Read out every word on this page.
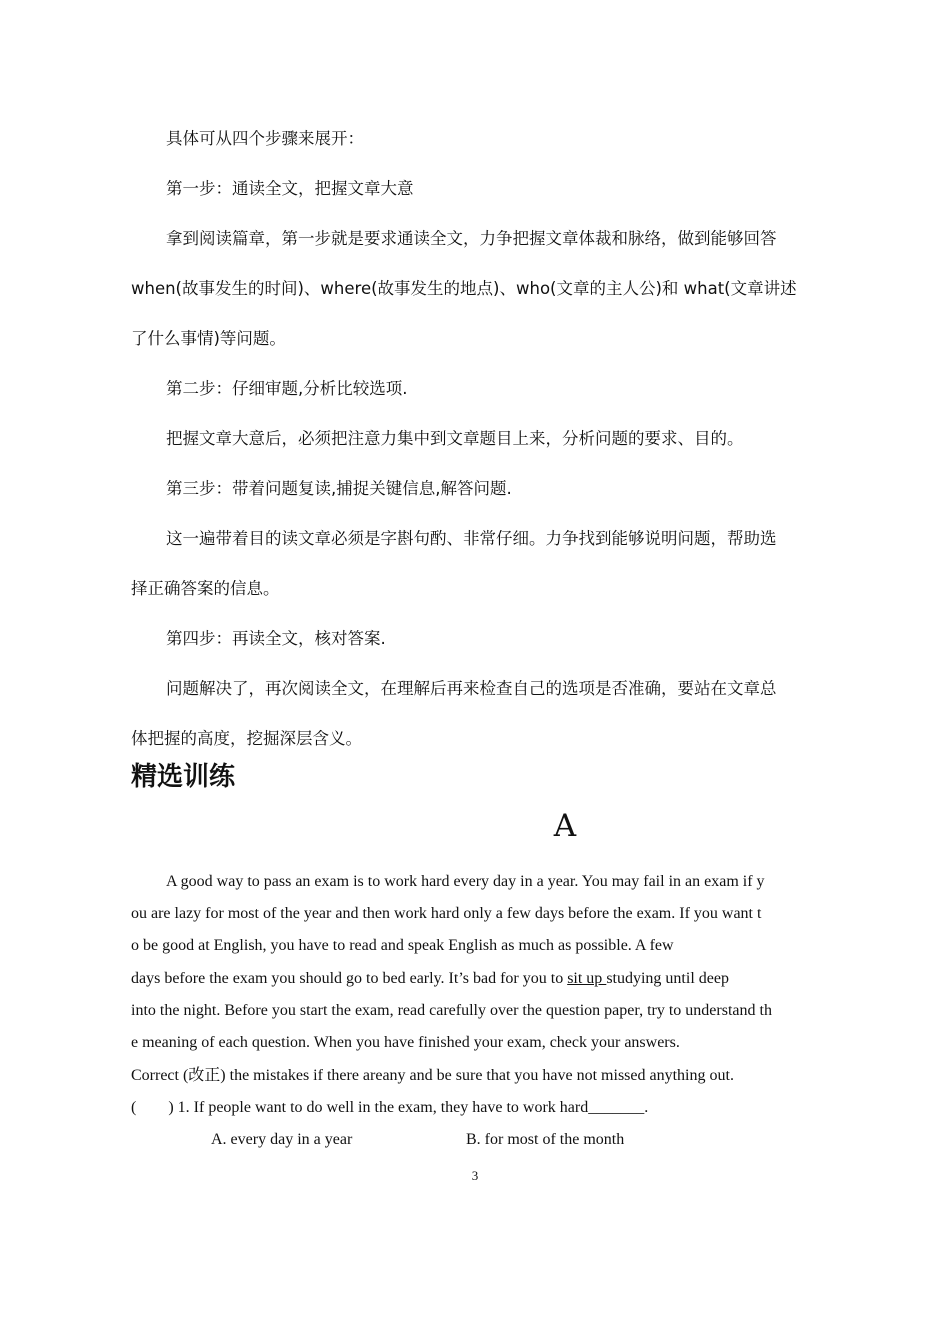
具体可从四个步骤来展开：
第一步：通读全文，把握文章大意
拿到阅读篇章，第一步就是要求通读全文，力争把握文章体裁和脉络，做到能够回答
when(故事发生的时间)、where(故事发生的地点)、who(文章的主人公)和 what(文章讲述
了什么事情)等问题。
第二步：仔细审题,分析比较选项.
把握文章大意后，必须把注意力集中到文章题目上来，分析问题的要求、目的。
第三步：带着问题复读,捕捉关键信息,解答问题.
这一遍带着目的读文章必须是字斟句酌、非常仔细。力争找到能够说明问题，帮助选
择正确答案的信息。
第四步：再读全文，核对答案.
问题解决了，再次阅读全文，在理解后再来检查自己的选项是否准确，要站在文章总
体把握的高度，挖掘深层含义。
精选训练
A
A good way to pass an exam is to work hard every day in a year. You may fail in an exam if y
ou are lazy for most of the year and then work hard only a few days before the exam. If you want t
o be good at English, you have to read and speak English as much as possible. A few
days before the exam you should go to bed early. It’s bad for you to sit up studying until deep
into the night. Before you start the exam, read carefully over the question paper, try to understand th
e meaning of each question. When you have finished your exam, check your answers.
Correct (改正) the mistakes if there areany and be sure that you have not missed anything out.
(        ) 1. If people want to do well in the exam, they have to work hard_______.
A. every day in a year	B. for most of the month
3
